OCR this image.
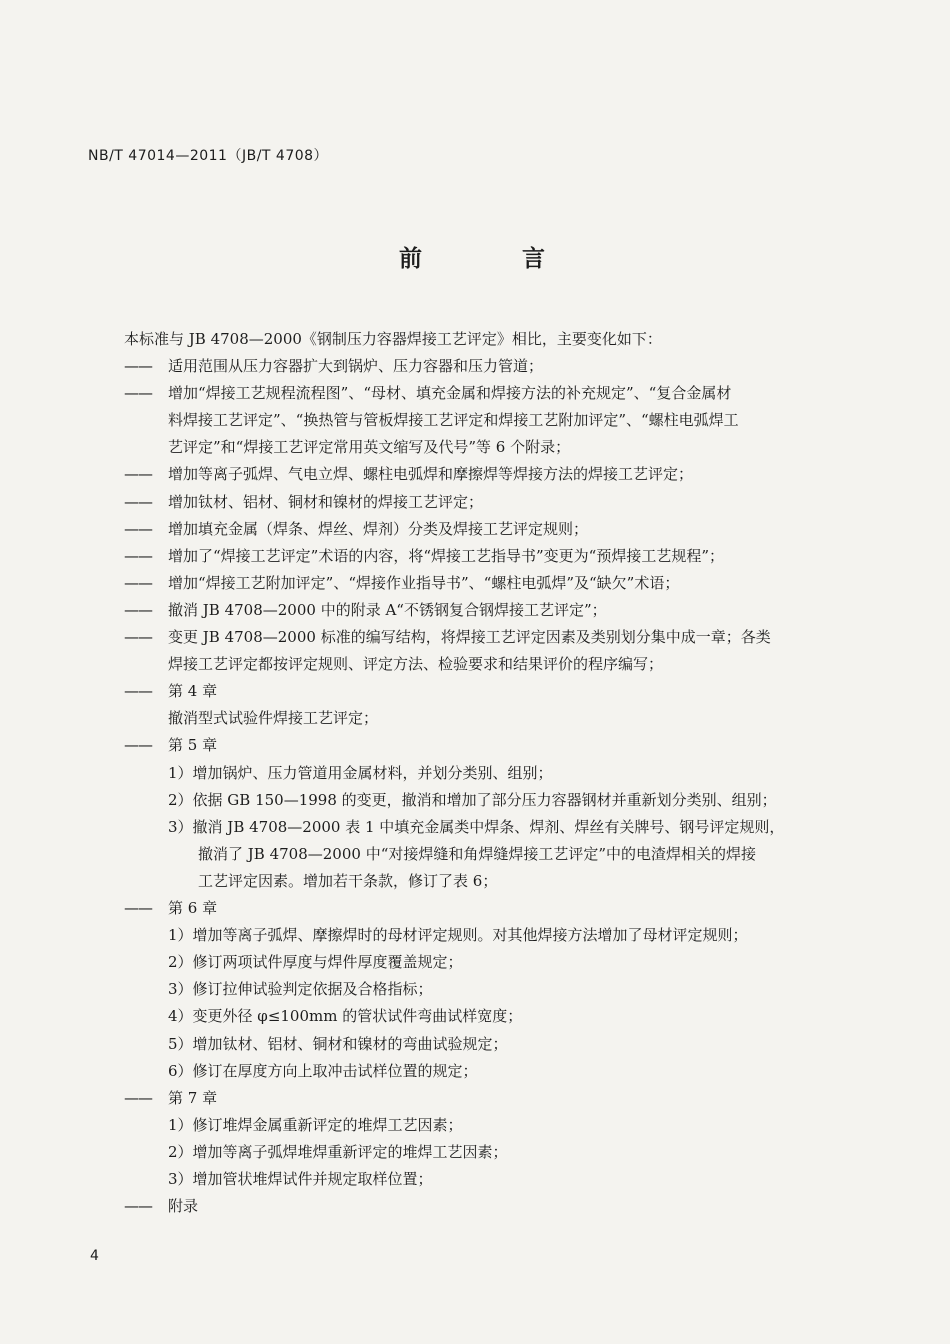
NB/T 47014—2011（JB/T 4708）
前 言
本标准与 JB 4708—2000《钢制压力容器焊接工艺评定》相比，主要变化如下：
—— 适用范围从压力容器扩大到锅炉、压力容器和压力管道；
—— 增加“焊接工艺规程流程图”、“母材、填充金属和焊接方法的补充规定”、“复合金属材
料焊接工艺评定”、“换热管与管板焊接工艺评定和焊接工艺附加评定”、“螺柱电弧焊工
艺评定”和“焊接工艺评定常用英文缩写及代号”等 6 个附录；
—— 增加等离子弧焊、气电立焊、螺柱电弧焊和摩擦焊等焊接方法的焊接工艺评定；
—— 增加钛材、铝材、铜材和镍材的焊接工艺评定；
—— 增加填充金属（焊条、焊丝、焊剂）分类及焊接工艺评定规则；
—— 增加了“焊接工艺评定”术语的内容，将“焊接工艺指导书”变更为“预焊接工艺规程”；
—— 增加“焊接工艺附加评定”、“焊接作业指导书”、“螺柱电弧焊”及“缺欠”术语；
—— 撤消 JB 4708—2000 中的附录 A“不锈钢复合钢焊接工艺评定”；
—— 变更 JB 4708—2000 标准的编写结构，将焊接工艺评定因素及类别划分集中成一章；各类
焊接工艺评定都按评定规则、评定方法、检验要求和结果评价的程序编写；
—— 第 4 章
撤消型式试验件焊接工艺评定；
—— 第 5 章
1）增加锅炉、压力管道用金属材料，并划分类别、组别；
2）依据 GB 150—1998 的变更，撤消和增加了部分压力容器钢材并重新划分类别、组别；
3）撤消 JB 4708—2000 表 1 中填充金属类中焊条、焊剂、焊丝有关牌号、钢号评定规则，
撤消了 JB 4708—2000 中“对接焊缝和角焊缝焊接工艺评定”中的电渣焊相关的焊接
工艺评定因素。增加若干条款，修订了表 6；
—— 第 6 章
1）增加等离子弧焊、摩擦焊时的母材评定规则。对其他焊接方法增加了母材评定规则；
2）修订两项试件厚度与焊件厚度覆盖规定；
3）修订拉伸试验判定依据及合格指标；
4）变更外径 φ≤100mm 的管状试件弯曲试样宽度；
5）增加钛材、铝材、铜材和镍材的弯曲试验规定；
6）修订在厚度方向上取冲击试样位置的规定；
—— 第 7 章
1）修订堆焊金属重新评定的堆焊工艺因素；
2）增加等离子弧焊堆焊重新评定的堆焊工艺因素；
3）增加管状堆焊试件并规定取样位置；
—— 附录
4
